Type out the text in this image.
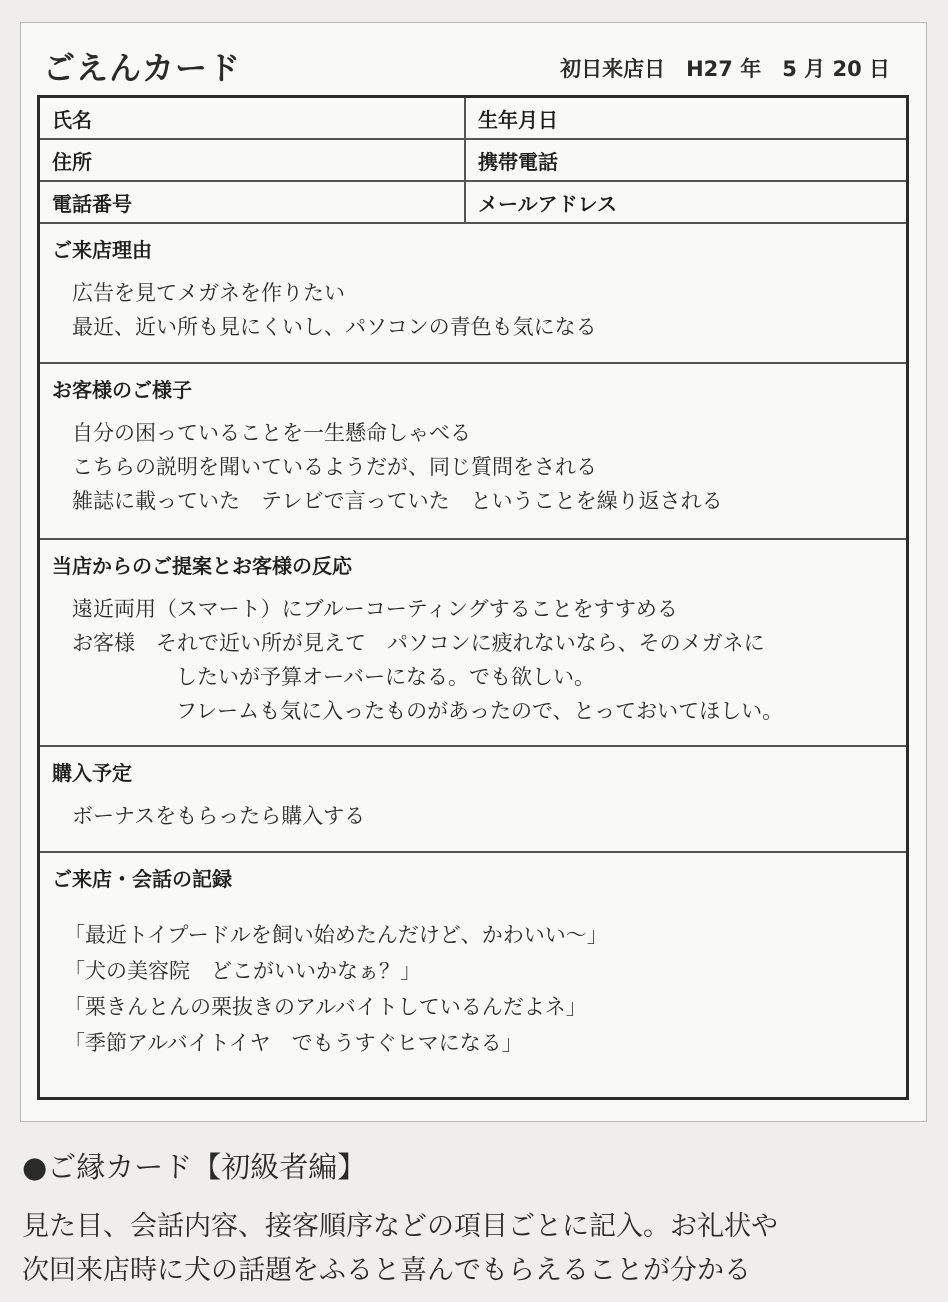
ごえんカード	初日来店日　H27 年　5 月 20 日
氏名	生年月日
住所	携帯電話
電話番号	メールアドレス
ご来店理由
広告を見てメガネを作りたい
最近、近い所も見にくいし、パソコンの青色も気になる
お客様のご様子
自分の困っていることを一生懸命しゃべる
こちらの説明を聞いているようだが、同じ質問をされる
雑誌に載っていた　テレビで言っていた　ということを繰り返される
当店からのご提案とお客様の反応
遠近両用（スマート）にブルーコーティングすることをすすめる
お客様　それで近い所が見えて　パソコンに疲れないなら、そのメガネに
したいが予算オーバーになる。でも欲しい。
フレームも気に入ったものがあったので、とっておいてほしい。
購入予定
ボーナスをもらったら購入する
ご来店・会話の記録
「最近トイプードルを飼い始めたんだけど、かわいい～」
「犬の美容院　どこがいいかなぁ？」
「栗きんとんの栗抜きのアルバイトしているんだよネ」
「季節アルバイトイヤ　でもうすぐヒマになる」
●ご縁カード【初級者編】
見た目、会話内容、接客順序などの項目ごとに記入。お礼状や
次回来店時に犬の話題をふると喜んでもらえることが分かる
